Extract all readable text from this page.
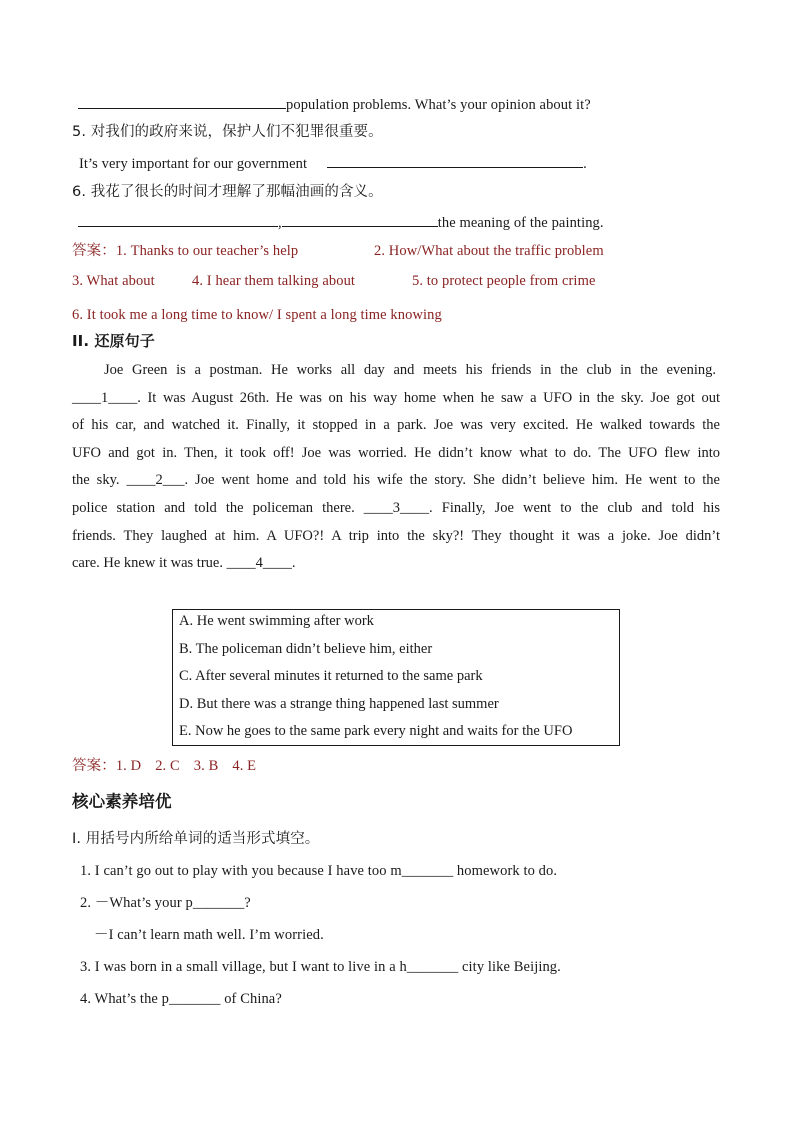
population problems. What’s your opinion about it?
5. 对我们的政府来说，保护人们不犯罪很重要。
It’s very important for our government	.
6. 我花了很长的时间才理解了那幅油画的含义。
,	the meaning of the painting.
答案：1. Thanks to our teacher’s help	2. How/What about the traffic problem
3. What about	4. I hear them talking about	5. to protect people from crime
6. It took me a long time to know/ I spent a long time knowing
II. 还原句子
Joe Green is a postman. He works all day and meets his friends in the club in the evening.
____1____. It was August 26th. He was on his way home when he saw a UFO in the sky. Joe got out
of his car, and watched it. Finally, it stopped in a park. Joe was very excited. He walked towards the
UFO and got in. Then, it took off! Joe was worried. He didn’t know what to do. The UFO flew into
the sky. ____2___. Joe went home and told his wife the story. She didn’t believe him. He went to the
police station and told the policeman there. ____3____. Finally, Joe went to the club and told his
friends. They laughed at him. A UFO?! A trip into the sky?! They thought it was a joke. Joe didn’t
care. He knew it was true. ____4____.
A. He went swimming after work
B. The policeman didn’t believe him, either
C. After several minutes it returned to the same park
D. But there was a strange thing happened last summer
E. Now he goes to the same park every night and waits for the UFO
答案：1. D 2. C 3. B 4. E
核心素养培优
I. 用括号内所给单词的适当形式填空。
1. I can’t go out to play with you because I have too m_______ homework to do.
2. －What’s your p_______?
－I can’t learn math well. I’m worried.
3. I was born in a small village, but I want to live in a h_______ city like Beijing.
4. What’s the p_______ of China?
